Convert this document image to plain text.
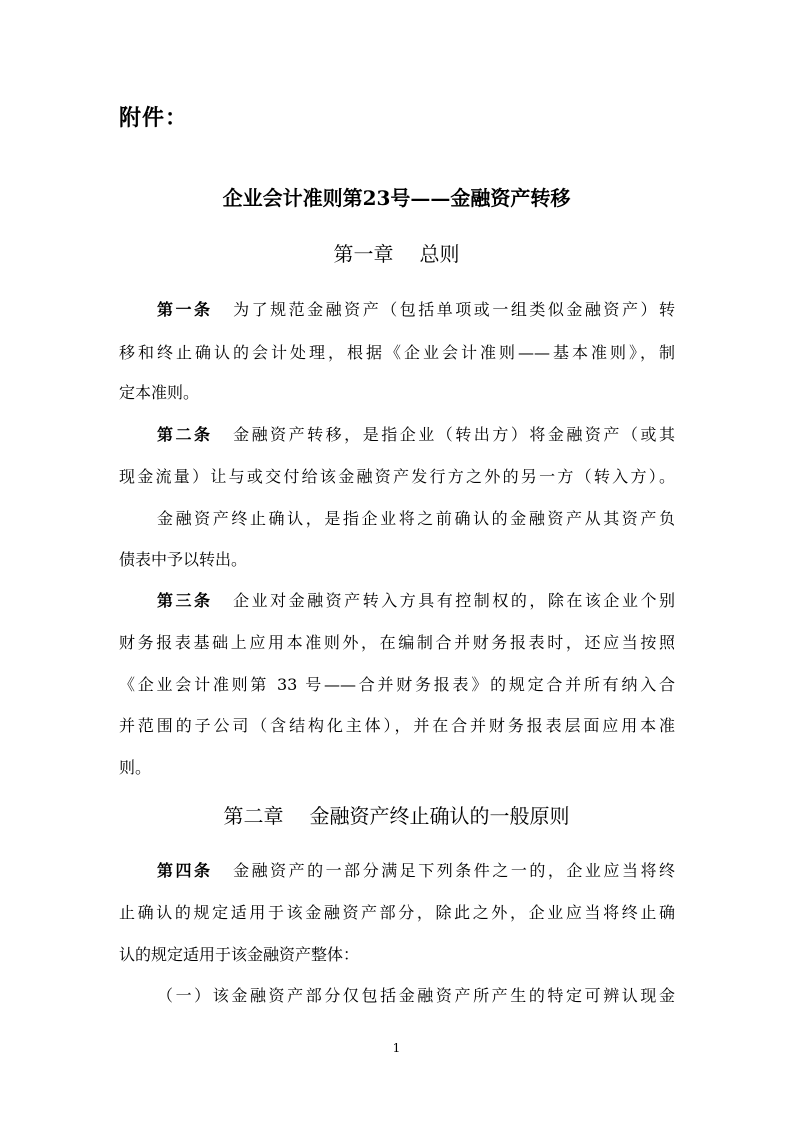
附件：
企业会计准则第23号——金融资产转移
第一章 总则
第一条 为了规范金融资产（包括单项或一组类似金融资产）转
移和终止确认的会计处理，根据《企业会计准则——基本准则》，制
定本准则。
第二条 金融资产转移，是指企业（转出方）将金融资产（或其
现金流量）让与或交付给该金融资产发行方之外的另一方（转入方）。
金融资产终止确认，是指企业将之前确认的金融资产从其资产负
债表中予以转出。
第三条 企业对金融资产转入方具有控制权的，除在该企业个别
财务报表基础上应用本准则外，在编制合并财务报表时，还应当按照
《企业会计准则第 33 号——合并财务报表》的规定合并所有纳入合
并范围的子公司（含结构化主体），并在合并财务报表层面应用本准
则。
第二章 金融资产终止确认的一般原则
第四条 金融资产的一部分满足下列条件之一的，企业应当将终
止确认的规定适用于该金融资产部分，除此之外，企业应当将终止确
认的规定适用于该金融资产整体：
（一）该金融资产部分仅包括金融资产所产生的特定可辨认现金
1
